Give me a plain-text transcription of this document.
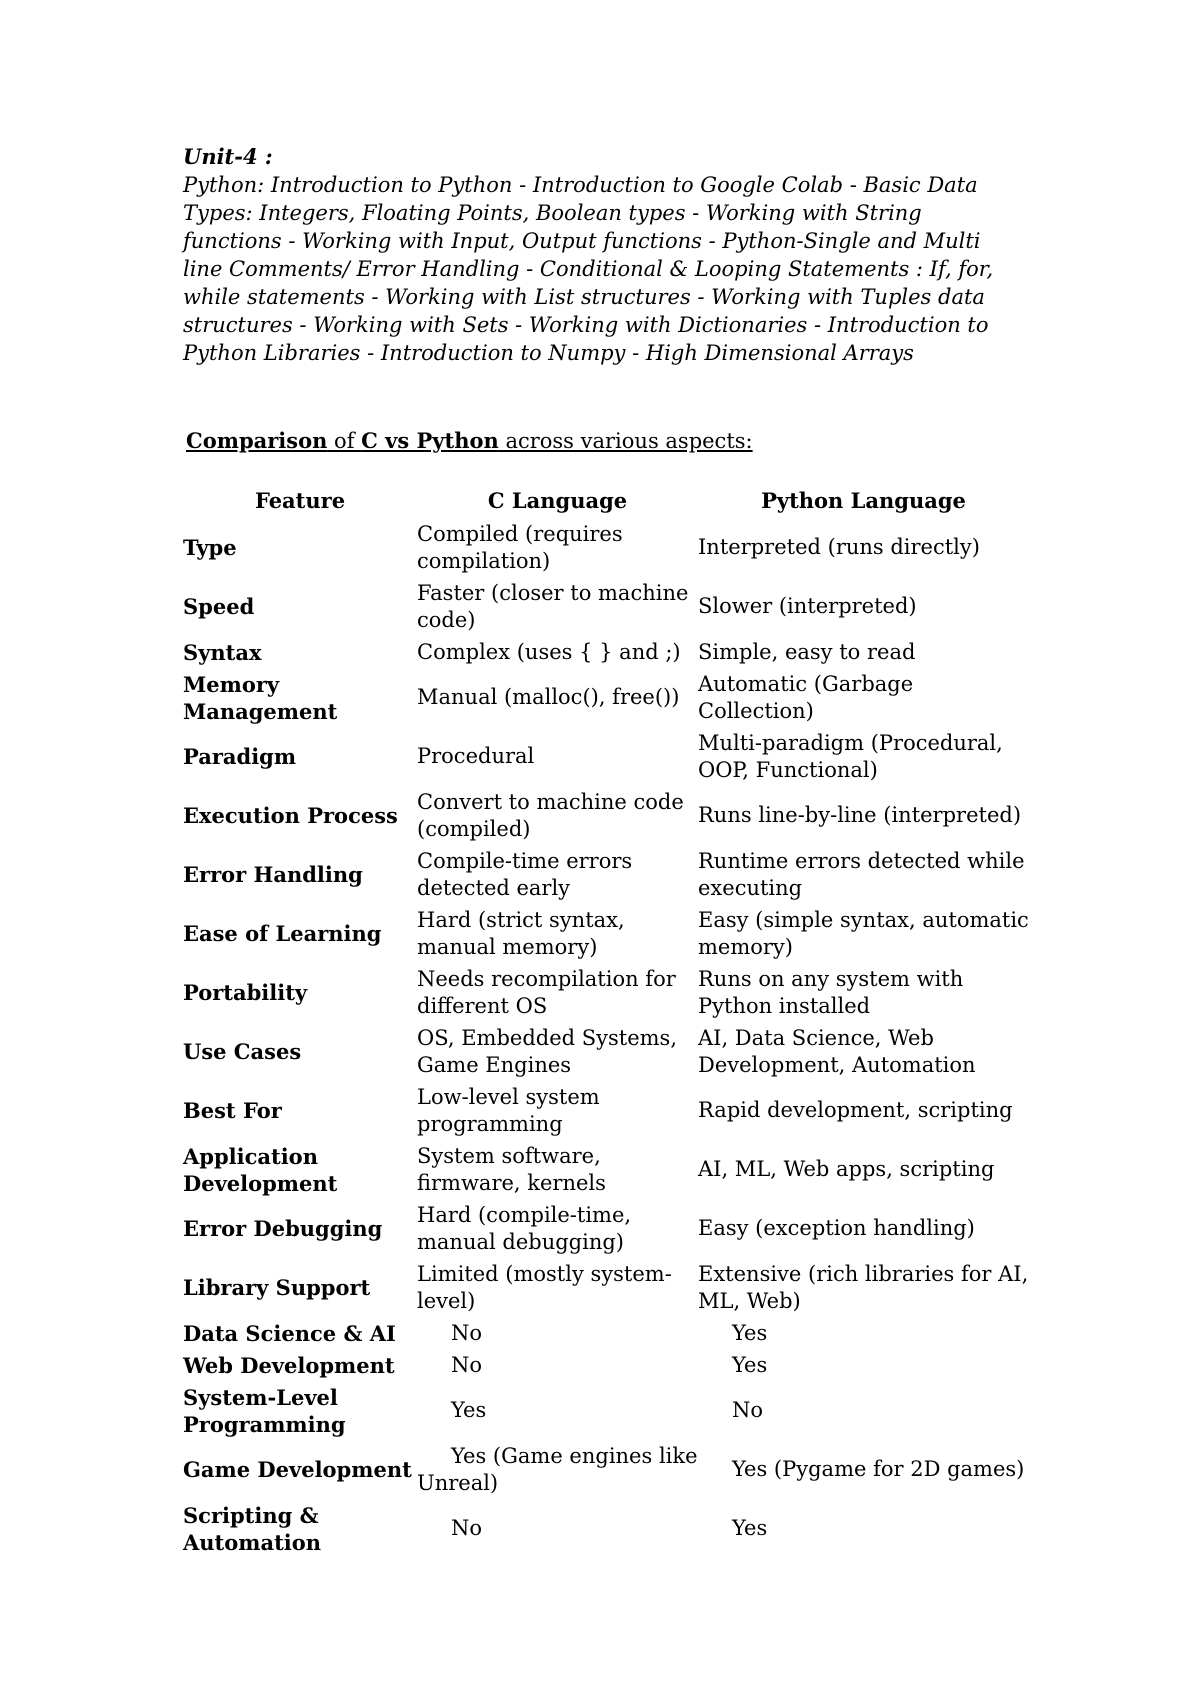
Unit-4 :

Python: Introduction to Python - Introduction to Google Colab - Basic Data Types: Integers, Floating Points, Boolean types - Working with String functions - Working with Input, Output functions - Python-Single and Multi line Comments/ Error Handling - Conditional & Looping Statements : If, for, while statements - Working with List structures - Working with Tuples data structures - Working with Sets - Working with Dictionaries - Introduction to Python Libraries - Introduction to Numpy - High Dimensional Arrays

Comparison of C vs Python across various aspects:
Feature	C Language	Python Language
Type	Compiled (requires compilation)	Interpreted (runs directly)
Speed	Faster (closer to machine code)	Slower (interpreted)
Syntax	Complex (uses { } and ;)	Simple, easy to read
Memory Management	Manual (malloc(), free())	Automatic (Garbage Collection)
Paradigm	Procedural	Multi-paradigm (Procedural, OOP, Functional)
Execution Process	Convert to machine code (compiled)	Runs line-by-line (interpreted)
Error Handling	Compile-time errors detected early	Runtime errors detected while executing
Ease of Learning	Hard (strict syntax, manual memory)	Easy (simple syntax, automatic memory)
Portability	Needs recompilation for different OS	Runs on any system with Python installed
Use Cases	OS, Embedded Systems, Game Engines	AI, Data Science, Web Development, Automation
Best For	Low-level system programming	Rapid development, scripting
Application Development	System software, firmware, kernels	AI, ML, Web apps, scripting
Error Debugging	Hard (compile-time, manual debugging)	Easy (exception handling)
Library Support	Limited (mostly system-level)	Extensive (rich libraries for AI, ML, Web)
Data Science & AI	No	Yes
Web Development	No	Yes
System-Level Programming	Yes	No
Game Development	Yes (Game engines like Unreal)	Yes (Pygame for 2D games)
Scripting & Automation	No	Yes
